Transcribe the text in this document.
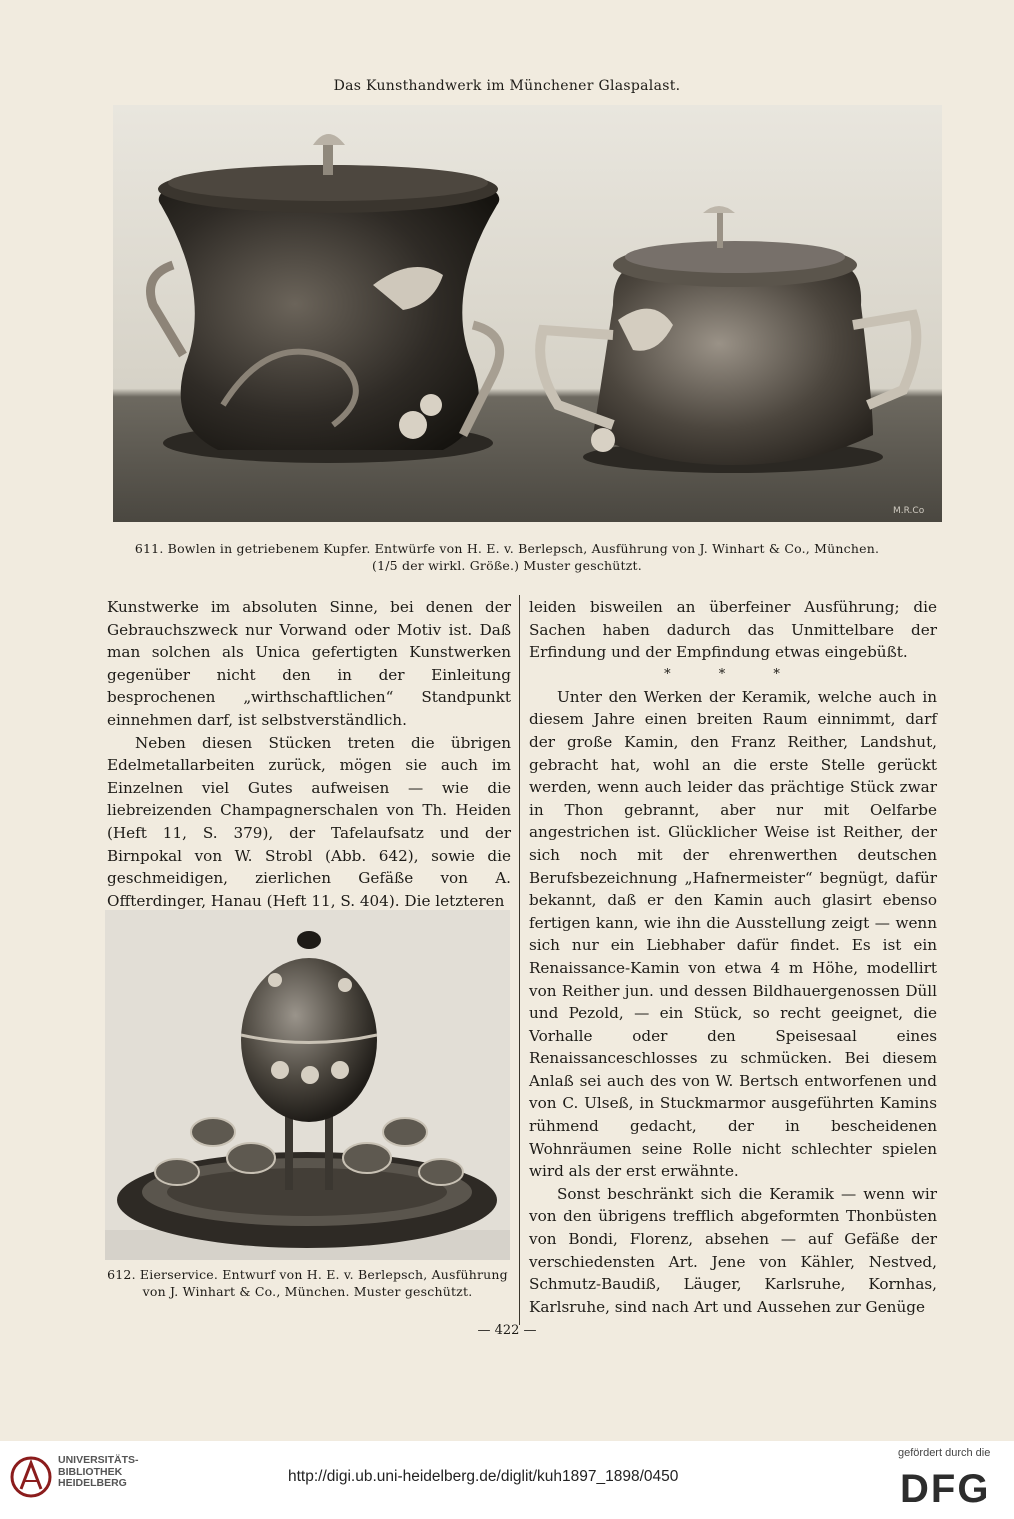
Das Kunsthandwerk im Münchener Glaspalast.
M.R.Co
611. Bowlen in getriebenem Kupfer. Entwürfe von H. E. v. Berlepsch, Ausführung von J. Winhart & Co., München.
(1/5 der wirkl. Größe.) Muster geschützt.

Kunstwerke im absoluten Sinne, bei denen der Gebrauchszweck nur Vorwand oder Motiv ist. Daß man solchen als Unica gefertigten Kunstwerken gegenüber nicht den in der Einleitung besprochenen „wirthschaftlichen“ Standpunkt einnehmen darf, ist selbstverständlich.

Neben diesen Stücken treten die übrigen Edelmetallarbeiten zurück, mögen sie auch im Einzelnen viel Gutes aufweisen — wie die liebreizenden Champagnerschalen von Th. Heiden (Heft 11, S. 379), der Tafelaufsatz und der Birnpokal von W. Strobl (Abb. 642), sowie die geschmeidigen, zierlichen Gefäße von A. Offterdinger, Hanau (Heft 11, S. 404). Die letzteren

612. Eierservice. Entwurf von H. E. v. Berlepsch, Ausführung
von J. Winhart & Co., München. Muster geschützt.

leiden bisweilen an überfeiner Ausführung; die Sachen haben dadurch das Unmittelbare der Erfindung und der Empfindung etwas eingebüßt.

* * *

Unter den Werken der Keramik, welche auch in diesem Jahre einen breiten Raum einnimmt, darf der große Kamin, den Franz Reither, Landshut, gebracht hat, wohl an die erste Stelle gerückt werden, wenn auch leider das prächtige Stück zwar in Thon gebrannt, aber nur mit Oelfarbe angestrichen ist. Glücklicher Weise ist Reither, der sich noch mit der ehrenwerthen deutschen Berufsbezeichnung „Hafnermeister“ begnügt, dafür bekannt, daß er den Kamin auch glasirt ebenso fertigen kann, wie ihn die Ausstellung zeigt — wenn sich nur ein Liebhaber dafür findet. Es ist ein Renaissance-Kamin von etwa 4 m Höhe, modellirt von Reither jun. und dessen Bildhauergenossen Düll und Pezold, — ein Stück, so recht geeignet, die Vorhalle oder den Speisesaal eines Renaissanceschlosses zu schmücken. Bei diesem Anlaß sei auch des von W. Bertsch entworfenen und von C. Ulseß, in Stuckmarmor ausgeführten Kamins rühmend gedacht, der in bescheidenen Wohnräumen seine Rolle nicht schlechter spielen wird als der erst erwähnte.

Sonst beschränkt sich die Keramik — wenn wir von den übrigens trefflich abgeformten Thonbüsten von Bondi, Florenz, absehen — auf Gefäße der verschiedensten Art. Jene von Kähler, Nestved, Schmutz-Baudiß, Läuger, Karlsruhe, Kornhas, Karlsruhe, sind nach Art und Aussehen zur Genüge

— 422 —
UNIVERSITÄTS-
BIBLIOTHEK
HEIDELBERG	http://digi.ub.uni-heidelberg.de/diglit/kuh1897_1898/0450
gefördert durch die
DFG
